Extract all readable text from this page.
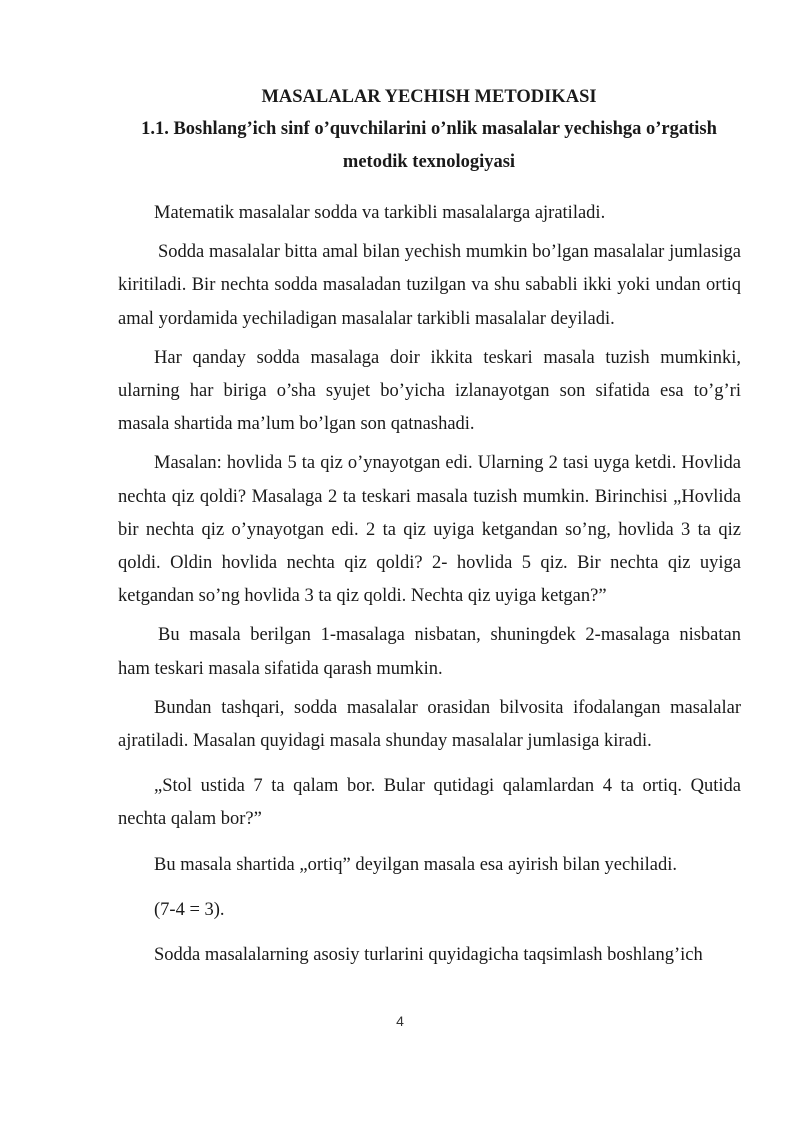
MASALALAR YECHISH METODIKASI
1.1. Boshlang’ich sinf o’quvchilarini o’nlik masalalar yechishga o’rgatish metodik texnologiyasi

Matematik masalalar sodda va tarkibli masalalarga ajratiladi.

Sodda masalalar bitta amal bilan yechish mumkin bo’lgan masalalar jumlasiga kiritiladi. Bir nechta sodda masaladan tuzilgan va shu sababli ikki yoki undan ortiq amal yordamida yechiladigan masalalar tarkibli masalalar deyiladi.

Har qanday sodda masalaga doir ikkita teskari masala tuzish mumkinki, ularning har biriga o’sha syujet bo’yicha izlanayotgan son sifatida esa to’g’ri masala shartida ma’lum bo’lgan son qatnashadi.

Masalan: hovlida 5 ta qiz o’ynayotgan edi. Ularning 2 tasi uyga ketdi. Hovlida nechta qiz qoldi? Masalaga 2 ta teskari masala tuzish mumkin. Birinchisi „Hovlida bir nechta qiz o’ynayotgan edi. 2 ta qiz uyiga ketgandan so’ng, hovlida 3 ta qiz qoldi. Oldin hovlida nechta qiz qoldi? 2- hovlida 5 qiz. Bir nechta qiz uyiga ketgandan so’ng hovlida 3 ta qiz qoldi. Nechta qiz uyiga ketgan?”

Bu masala berilgan 1-masalaga nisbatan, shuningdek 2-masalaga nisbatan ham teskari masala sifatida qarash mumkin.

Bundan tashqari, sodda masalalar orasidan bilvosita ifodalangan masalalar ajratiladi. Masalan quyidagi masala shunday masalalar jumlasiga kiradi.

„Stol ustida 7 ta qalam bor. Bular qutidagi qalamlardan 4 ta ortiq. Qutida nechta qalam bor?”

Bu masala shartida „ortiq” deyilgan masala esa ayirish bilan yechiladi.

(7-4 = 3).

Sodda masalalarning asosiy turlarini quyidagicha taqsimlash boshlang’ich

4
